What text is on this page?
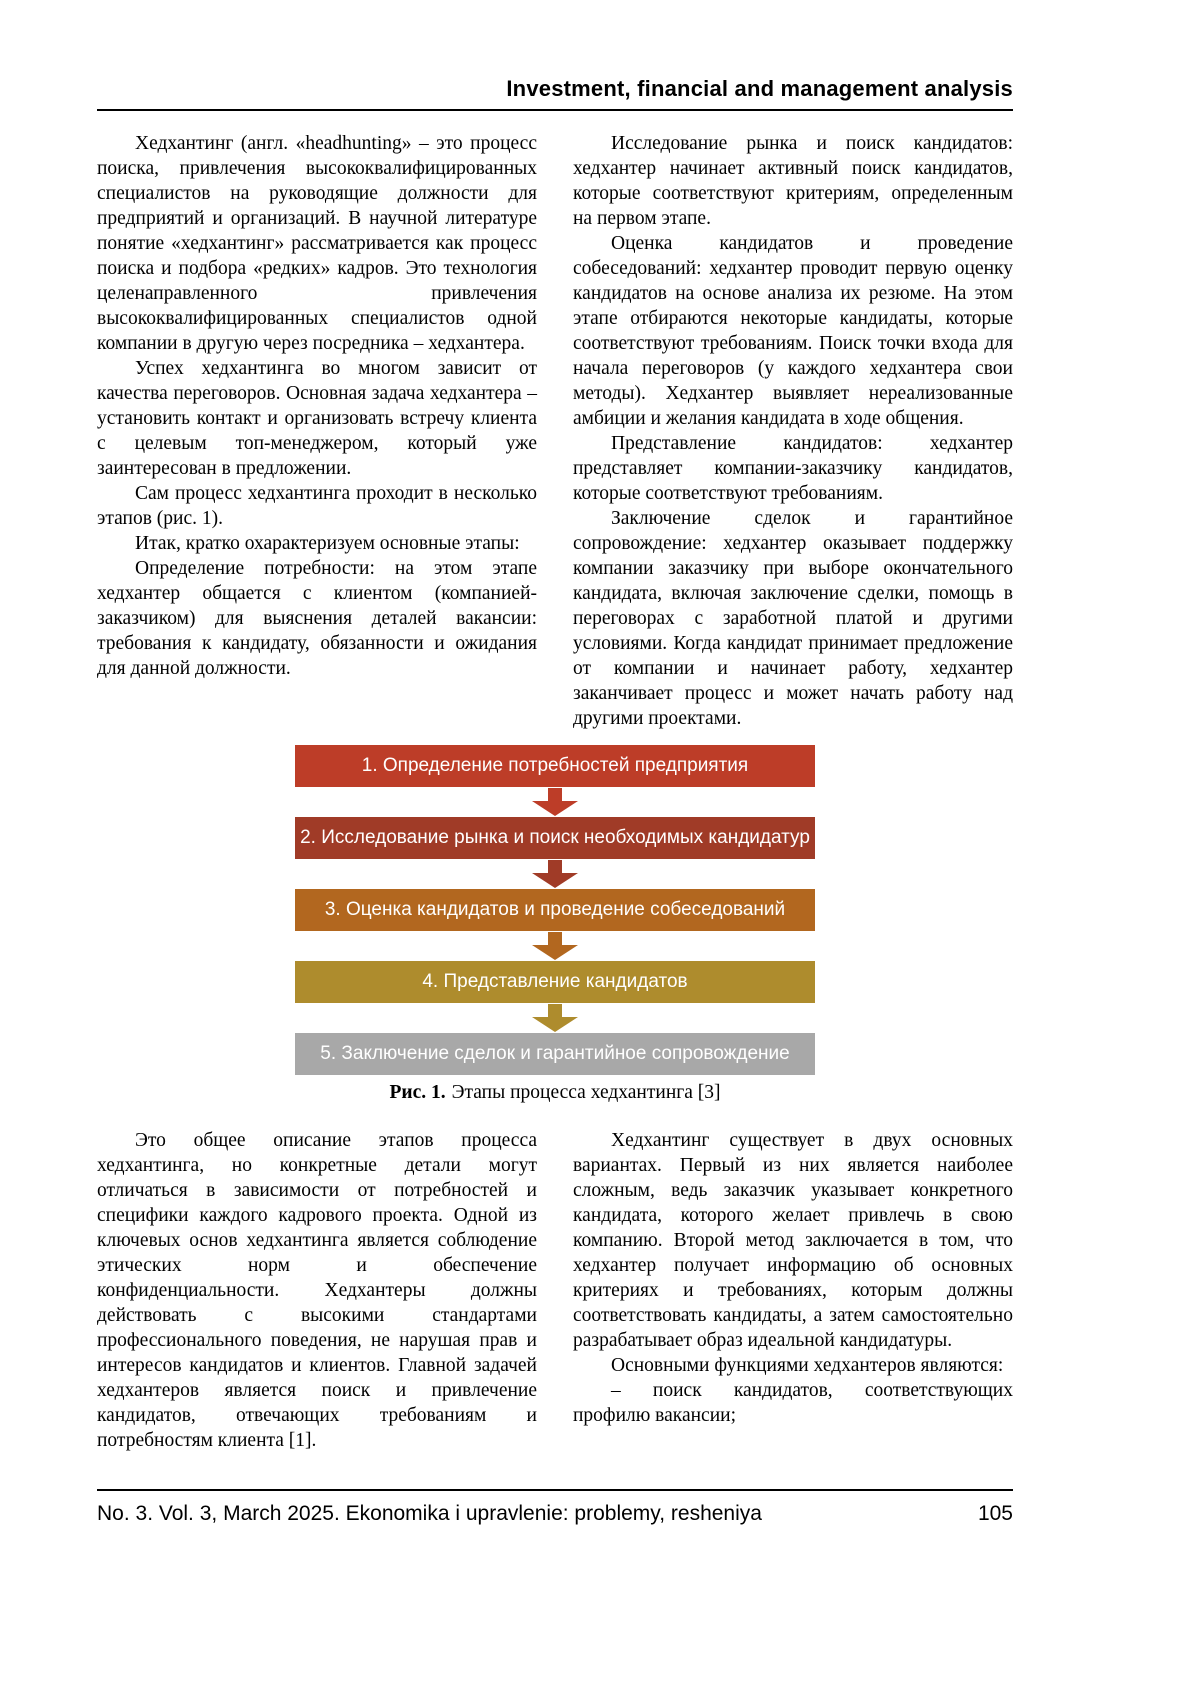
Investment, financial and management analysis

Хедхантинг (англ. «headhunting» – это процесс поиска, привлечения высококвалифицированных специалистов на руководящие должности для предприятий и организаций. В научной литературе понятие «хедхантинг» рассматривается как процесс поиска и подбора «редких» кадров. Это технология целенаправленного привлечения высококвалифицированных специалистов одной компании в другую через посредника – хедхантера.

Успех хедхантинга во многом зависит от качества переговоров. Основная задача хедхантера – установить контакт и организовать встречу клиента с целевым топ-менеджером, который уже заинтересован в предложении.

Сам процесс хедхантинга проходит в несколько этапов (рис. 1).

Итак, кратко охарактеризуем основные этапы:

Определение потребности: на этом этапе хедхантер общается с клиентом (компанией-заказчиком) для выяснения деталей вакансии: требования к кандидату, обязанности и ожидания для данной должности.

Исследование рынка и поиск кандидатов: хедхантер начинает активный поиск кандидатов, которые соответствуют критериям, определенным на первом этапе.

Оценка кандидатов и проведение собеседований: хедхантер проводит первую оценку кандидатов на основе анализа их резюме. На этом этапе отбираются некоторые кандидаты, которые соответствуют требованиям. Поиск точки входа для начала переговоров (у каждого хедхантера свои методы). Хедхантер выявляет нереализованные амбиции и желания кандидата в ходе общения.

Представление кандидатов: хедхантер представляет компании-заказчику кандидатов, которые соответствуют требованиям.

Заключение сделок и гарантийное сопровождение: хедхантер оказывает поддержку компании заказчику при выборе окончательного кандидата, включая заключение сделки, помощь в переговорах с заработной платой и другими условиями. Когда кандидат принимает предложение от компании и начинает работу, хедхантер заканчивает процесс и может начать работу над другими проектами.

1. Определение потребностей предприятия
2. Исследование рынка и поиск необходимых кандидатур
3. Оценка кандидатов и проведение собеседований
4. Представление кандидатов
5. Заключение сделок и гарантийное сопровождение
Рис. 1. Этапы процесса хедхантинга [3]

Это общее описание этапов процесса хедхантинга, но конкретные детали могут отличаться в зависимости от потребностей и специфики каждого кадрового проекта. Одной из ключевых основ хедхантинга является соблюдение этических норм и обеспечение конфиденциальности. Хедхантеры должны действовать с высокими стандартами профессионального поведения, не нарушая прав и интересов кандидатов и клиентов. Главной задачей хедхантеров является поиск и привлечение кандидатов, отвечающих требованиям и потребностям клиента [1].

Хедхантинг существует в двух основных вариантах. Первый из них является наиболее сложным, ведь заказчик указывает конкретного кандидата, которого желает привлечь в свою компанию. Второй метод заключается в том, что хедхантер получает информацию об основных критериях и требованиях, которым должны соответствовать кандидаты, а затем самостоятельно разрабатывает образ идеальной кандидатуры.

Основными функциями хедхантеров являются:

– поиск кандидатов, соответствующих профилю вакансии;

No. 3. Vol. 3, March 2025. Ekonomika i upravlenie: problemy, resheniya	105
